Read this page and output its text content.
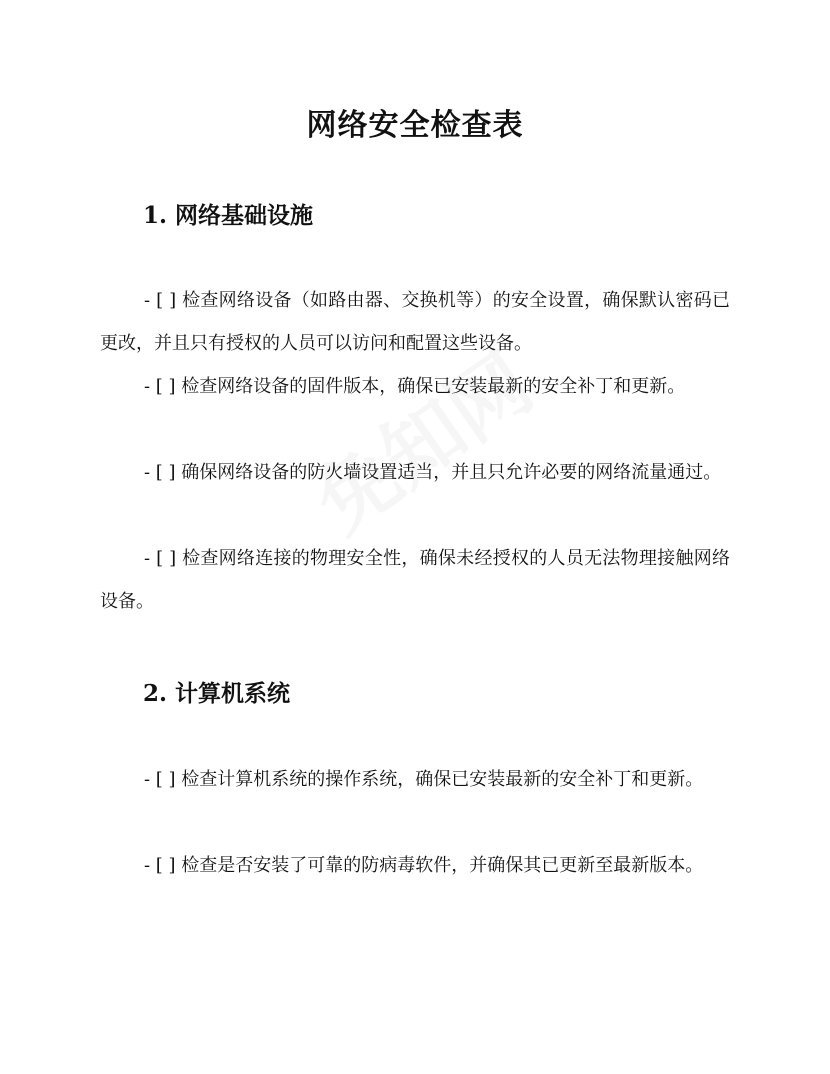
网络安全检查表
1. 网络基础设施

- [ ] 检查网络设备（如路由器、交换机等）的安全设置，确保默认密码已更改，并且只有授权的人员可以访问和配置这些设备。

- [ ] 检查网络设备的固件版本，确保已安装最新的安全补丁和更新。

- [ ] 确保网络设备的防火墙设置适当，并且只允许必要的网络流量通过。

- [ ] 检查网络连接的物理安全性，确保未经授权的人员无法物理接触网络设备。

2. 计算机系统

- [ ] 检查计算机系统的操作系统，确保已安装最新的安全补丁和更新。

- [ ] 检查是否安装了可靠的防病毒软件，并确保其已更新至最新版本。
